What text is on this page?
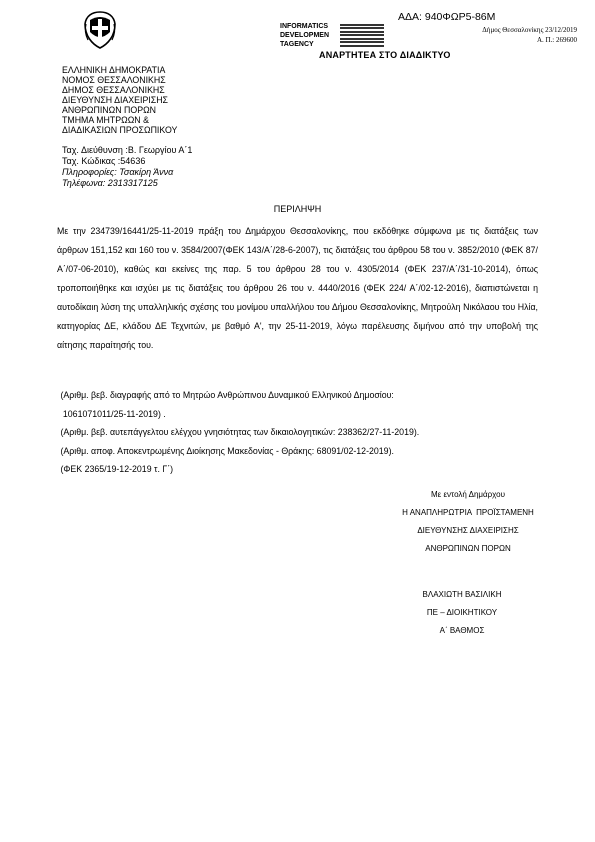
ΑΔΑ: 940ΦΩΡ5-86Μ
INFORMATICS
DEVELOPMEN
TAGENCY
Δήμος Θεσσαλονίκης 23/12/2019
Α. Π.: 269600
ΑΝΑΡΤΗΤΕΑ ΣΤΟ ΔΙΑΔΙΚΤΥΟ
ΕΛΛΗΝΙΚΗ ΔΗΜΟΚΡΑΤΙΑ
ΝΟΜΟΣ ΘΕΣΣΑΛΟΝΙΚΗΣ
ΔΗΜΟΣ ΘΕΣΣΑΛΟΝΙΚΗΣ
ΔΙΕΥΘΥΝΣΗ ΔΙΑΧΕΙΡΙΣΗΣ
ΑΝΘΡΩΠΙΝΩΝ ΠΟΡΩΝ
ΤΜΗΜΑ ΜΗΤΡΩΩΝ &
ΔΙΑΔΙΚΑΣΙΩΝ ΠΡΟΣΩΠΙΚΟΥ
Ταχ. Διεύθυνση :Β. Γεωργίου Α΄1
Ταχ. Κώδικας :54636
Πληροφορίες: Τσακίρη Άννα
Τηλέφωνα: 2313317125
ΠΕΡΙΛΗΨΗ

Με την 234739/16441/25-11-2019 πράξη του Δημάρχου Θεσσαλονίκης, που εκδόθηκε σύμφωνα με τις διατάξεις των άρθρων 151,152 και 160 του ν. 3584/2007(ΦΕΚ 143/Α΄/28-6-2007), τις διατάξεις του άρθρου 58 του ν. 3852/2010 (ΦΕΚ 87/Α΄/07-06-2010), καθώς και εκείνες της παρ. 5 του άρθρου 28 του ν. 4305/2014 (ΦΕΚ 237/Α΄/31-10-2014), όπως τροποποιήθηκε και ισχύει με τις διατάξεις του άρθρου 26 του ν. 4440/2016 (ΦΕΚ 224/ Α΄/02-12-2016), διαπιστώνεται η αυτοδίκαιη λύση της υπαλληλικής σχέσης του μονίμου υπαλλήλου του Δήμου Θεσσαλονίκης, Μητρούλη Νικόλαου του Ηλία, κατηγορίας ΔΕ, κλάδου ΔΕ Τεχνιτών, με βαθμό Α', την 25-11-2019, λόγω παρέλευσης διμήνου από την υποβολή της αίτησης παραίτησής του.

(Αριθμ. βεβ. διαγραφής από το Μητρώο Ανθρώπινου Δυναμικού Ελληνικού Δημοσίου:
1061071011/25-11-2019) .
(Αριθμ. βεβ. αυτεπάγγελτου ελέγχου γνησιότητας των δικαιολογητικών: 238362/27-11-2019).
(Αριθμ. αποφ. Αποκεντρωμένης Διοίκησης Μακεδονίας - Θράκης: 68091/02-12-2019).
(ΦΕΚ 2365/19-12-2019 τ. Γ΄)
Με εντολή Δημάρχου
Η ΑΝΑΠΛΗΡΩΤΡΙΑ  ΠΡΟΪΣΤΑΜΕΝΗ
ΔΙΕΥΘΥΝΣΗΣ ΔΙΑΧΕΙΡΙΣΗΣ
ΑΝΘΡΩΠΙΝΩΝ ΠΟΡΩΝ
ΒΛΑΧΙΩΤΗ ΒΑΣΙΛΙΚΗ
ΠΕ – ΔΙΟΙΚΗΤΙΚΟΥ
Α΄ ΒΑΘΜΟΣ
